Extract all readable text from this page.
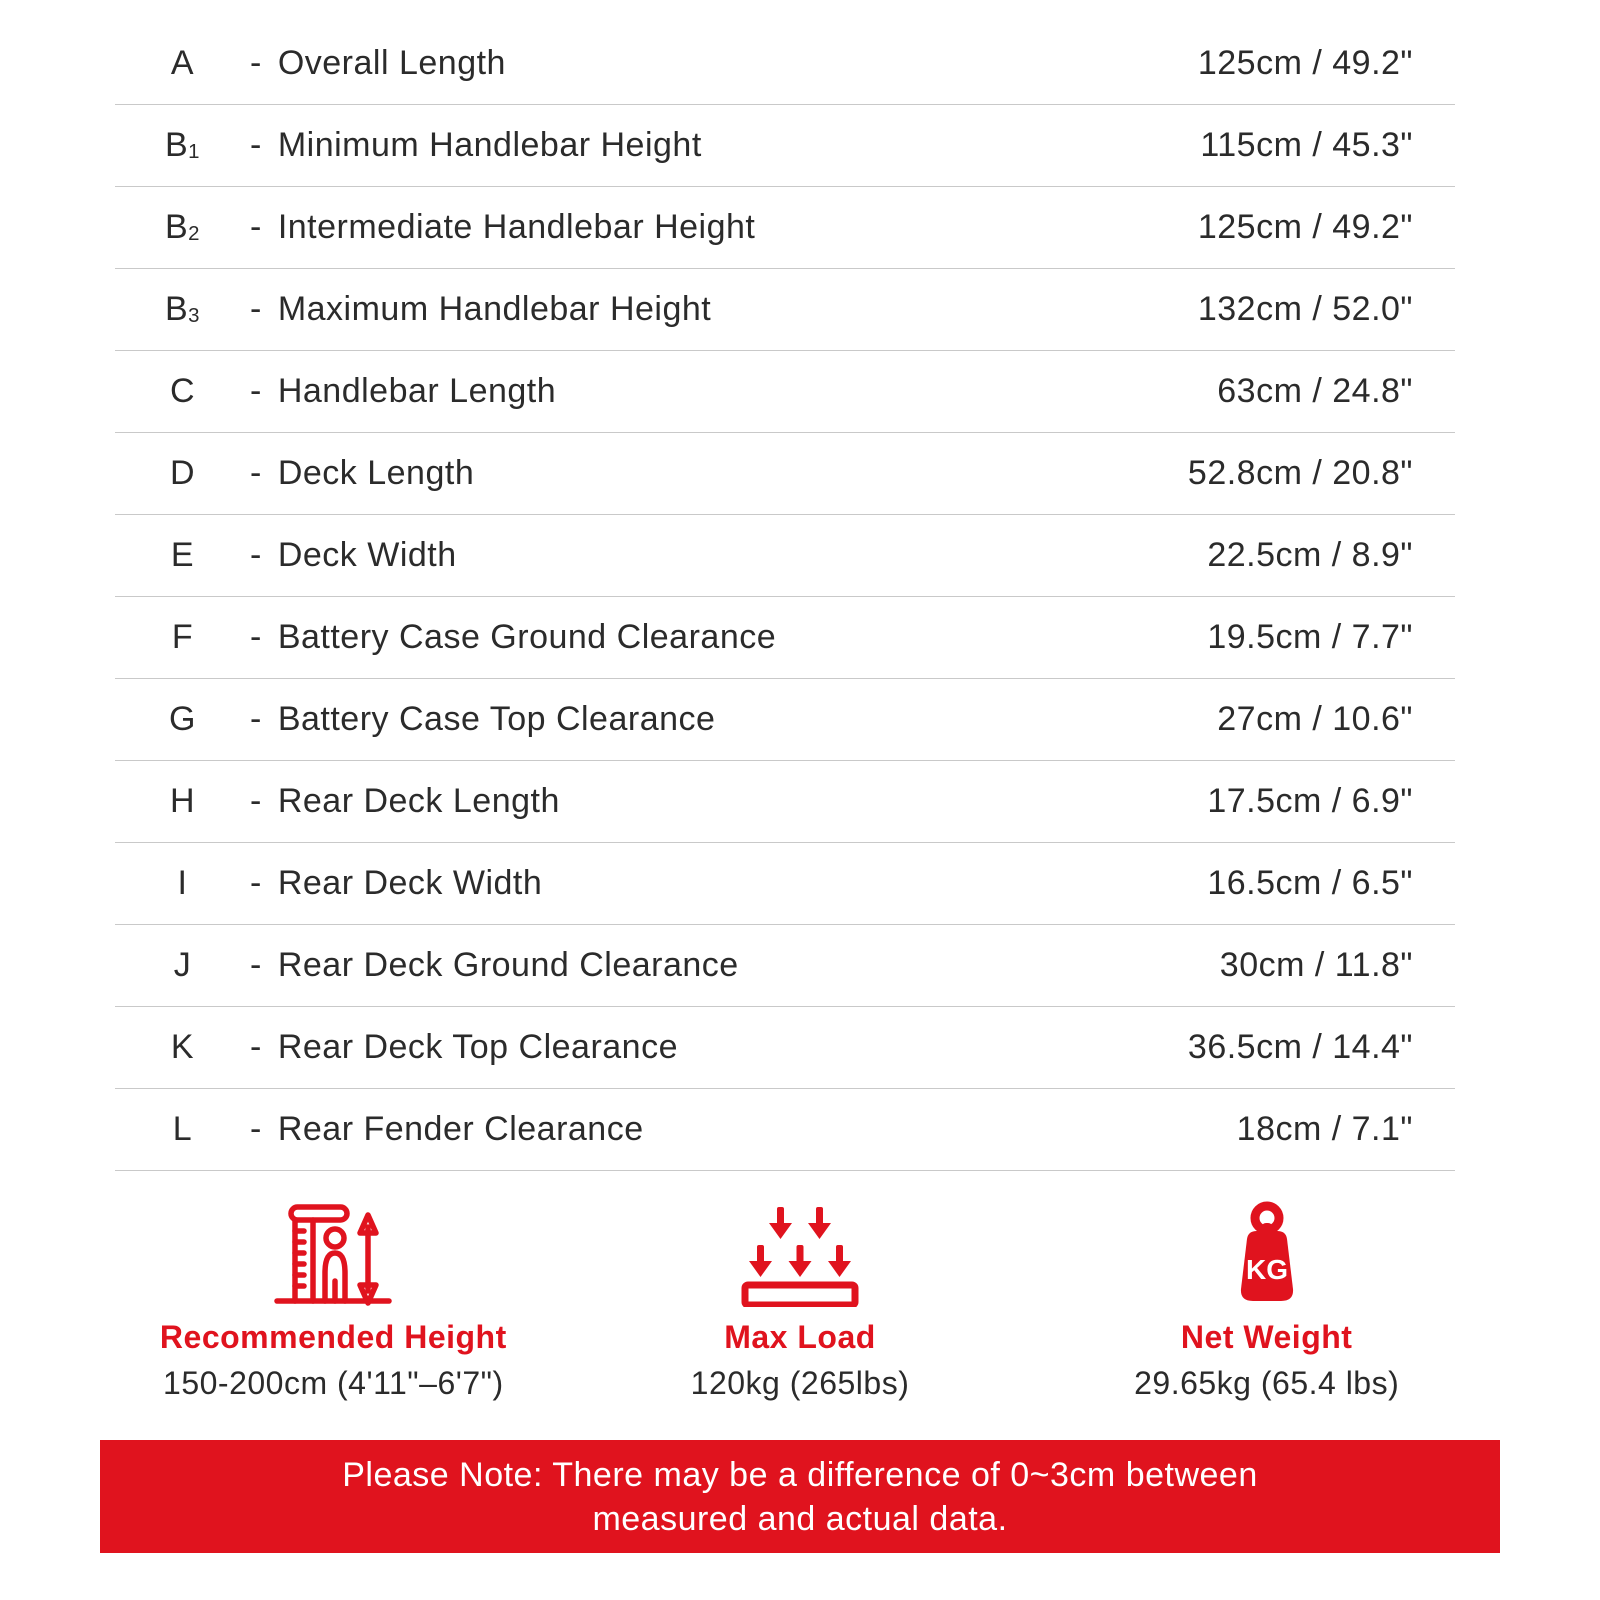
A	- Overall Length	125cm / 49.2"
$B_1$	- Minimum Handlebar Height	115cm / 45.3"
$B_2$	- Intermediate Handlebar Height	125cm / 49.2"
$B_3$	- Maximum Handlebar Height	132cm / 52.0"
C	- Handlebar Length	63cm / 24.8"
D	- Deck Length	52.8cm / 20.8"
E	- Deck Width	22.5cm / 8.9"
F	- Battery Case Ground Clearance	19.5cm / 7.7"
G	- Battery Case Top Clearance	27cm / 10.6"
H	- Rear Deck Length	17.5cm / 6.9"
I	- Rear Deck Width	16.5cm / 6.5"
J	- Rear Deck Ground Clearance	30cm / 11.8"
K	- Rear Deck Top Clearance	36.5cm / 14.4"
L	- Rear Fender Clearance	18cm / 7.1"
Recommended Height
150-200cm (4'11"–6'7")
Max Load
120kg (265lbs)
KG
Net Weight
29.65kg (65.4 lbs)
Please Note: There may be a difference of 0~3cm between
measured and actual data.
